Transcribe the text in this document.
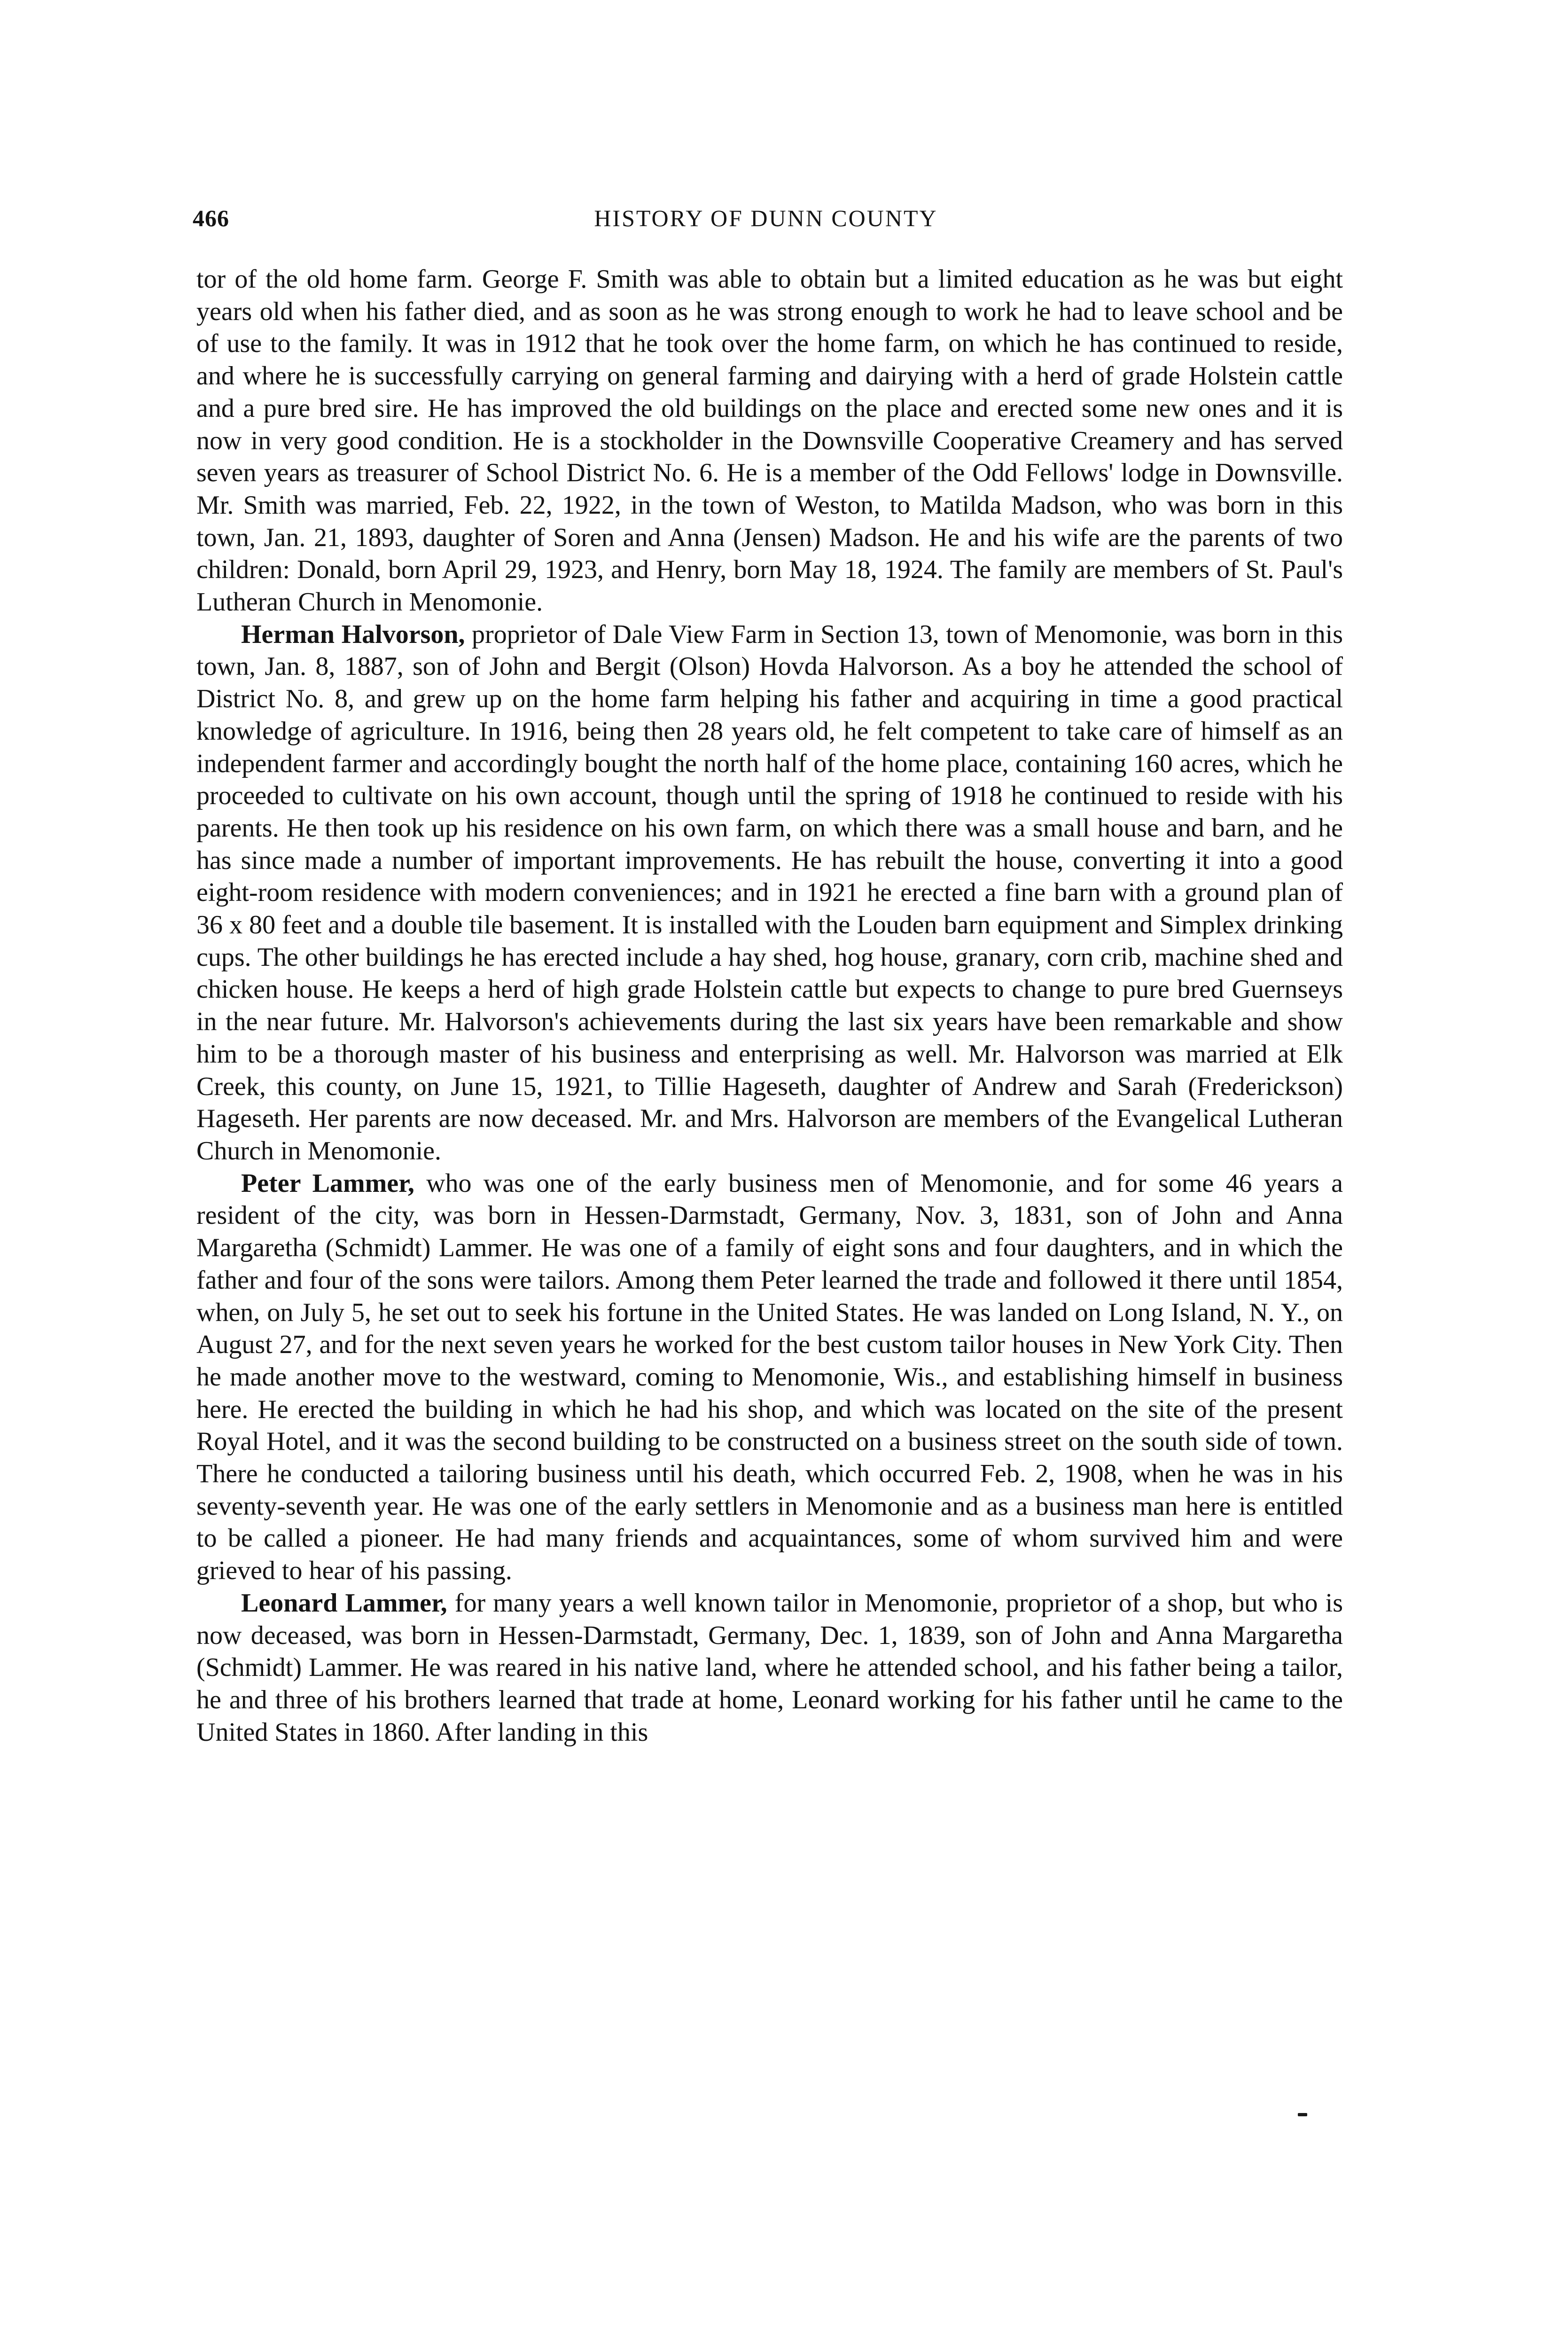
466	HISTORY OF DUNN COUNTY

tor of the old home farm. George F. Smith was able to obtain but a limited education as he was but eight years old when his father died, and as soon as he was strong enough to work he had to leave school and be of use to the family. It was in 1912 that he took over the home farm, on which he has continued to reside, and where he is successfully carrying on general farming and dairying with a herd of grade Holstein cattle and a pure bred sire. He has improved the old buildings on the place and erected some new ones and it is now in very good condition. He is a stockholder in the Downsville Cooperative Creamery and has served seven years as treasurer of School District No. 6. He is a member of the Odd Fellows' lodge in Downsville. Mr. Smith was married, Feb. 22, 1922, in the town of Weston, to Matilda Madson, who was born in this town, Jan. 21, 1893, daughter of Soren and Anna (Jensen) Madson. He and his wife are the parents of two children: Donald, born April 29, 1923, and Henry, born May 18, 1924. The family are members of St. Paul's Lutheran Church in Menomonie.

Herman Halvorson, proprietor of Dale View Farm in Section 13, town of Menomonie, was born in this town, Jan. 8, 1887, son of John and Bergit (Olson) Hovda Halvorson. As a boy he attended the school of District No. 8, and grew up on the home farm helping his father and acquiring in time a good practical knowledge of agriculture. In 1916, being then 28 years old, he felt competent to take care of himself as an independent farmer and accordingly bought the north half of the home place, containing 160 acres, which he proceeded to cultivate on his own account, though until the spring of 1918 he continued to reside with his parents. He then took up his residence on his own farm, on which there was a small house and barn, and he has since made a number of important improvements. He has rebuilt the house, converting it into a good eight-room residence with modern conveniences; and in 1921 he erected a fine barn with a ground plan of 36 x 80 feet and a double tile basement. It is installed with the Louden barn equipment and Simplex drinking cups. The other buildings he has erected include a hay shed, hog house, granary, corn crib, machine shed and chicken house. He keeps a herd of high grade Holstein cattle but expects to change to pure bred Guernseys in the near future. Mr. Halvorson's achievements during the last six years have been remarkable and show him to be a thorough master of his business and enterprising as well. Mr. Halvorson was married at Elk Creek, this county, on June 15, 1921, to Tillie Hageseth, daughter of Andrew and Sarah (Frederickson) Hageseth. Her parents are now deceased. Mr. and Mrs. Halvorson are members of the Evangelical Lutheran Church in Menomonie.

Peter Lammer, who was one of the early business men of Menomonie, and for some 46 years a resident of the city, was born in Hessen-Darmstadt, Germany, Nov. 3, 1831, son of John and Anna Margaretha (Schmidt) Lammer. He was one of a family of eight sons and four daughters, and in which the father and four of the sons were tailors. Among them Peter learned the trade and followed it there until 1854, when, on July 5, he set out to seek his fortune in the United States. He was landed on Long Island, N. Y., on August 27, and for the next seven years he worked for the best custom tailor houses in New York City. Then he made another move to the westward, coming to Menomonie, Wis., and establishing himself in business here. He erected the building in which he had his shop, and which was located on the site of the present Royal Hotel, and it was the second building to be constructed on a business street on the south side of town. There he conducted a tailoring business until his death, which occurred Feb. 2, 1908, when he was in his seventy-seventh year. He was one of the early settlers in Menomonie and as a business man here is entitled to be called a pioneer. He had many friends and acquaintances, some of whom survived him and were grieved to hear of his passing.

Leonard Lammer, for many years a well known tailor in Menomonie, proprietor of a shop, but who is now deceased, was born in Hessen-Darmstadt, Germany, Dec. 1, 1839, son of John and Anna Margaretha (Schmidt) Lammer. He was reared in his native land, where he attended school, and his father being a tailor, he and three of his brothers learned that trade at home, Leonard working for his father until he came to the United States in 1860. After landing in this
